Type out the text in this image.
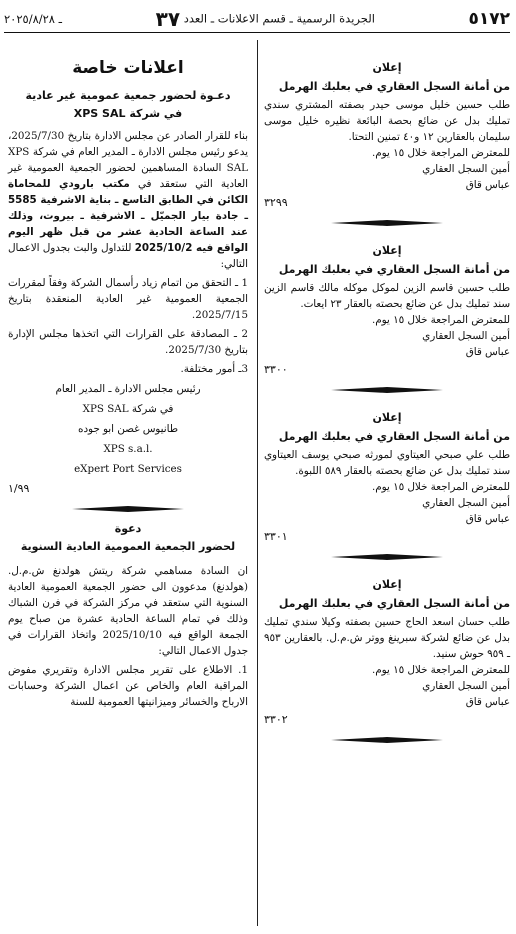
٥١٧٢
الجريدة الرسمية ـ قسم الاعلانات ـ العدد ٣٧
ـ ٢٠٢٥/٨/٢٨
إعلان
من أمانة السجل العقاري في بعلبك الهرمل

طلب حسين خليل موسى حيدر بصفته المشتري سندي تمليك بدل عن ضائع بحصة البائعة نظيره خليل موسى سليمان بالعقارين ١٢ و٤٠ تمنين التحتا.

للمعترض المراجعة خلال ١٥ يوم.

أمين السجل العقاري

عباس قاق

٣٢٩٩
إعلان
من أمانة السجل العقاري في بعلبك الهرمل

طلب حسين قاسم الزين لموكل موكله مالك قاسم الزين سند تمليك بدل عن ضائع بحصته بالعقار ٢٣ ايعات.

للمعترض المراجعة خلال ١٥ يوم.

أمين السجل العقاري

عباس قاق

٣٣٠٠
إعلان
من أمانة السجل العقاري في بعلبك الهرمل

طلب علي صبحي العيتاوي لمورثه صبحي يوسف العيتاوي سند تمليك بدل عن ضائع بحصته بالعقار ٥٨٩ اللبوة.

للمعترض المراجعة خلال ١٥ يوم.

أمين السجل العقاري

عباس قاق

٣٣٠١
إعلان
من أمانة السجل العقاري في بعلبك الهرمل

طلب حسان اسعد الحاج حسين بصفته وكيلا سندي تمليك بدل عن ضائع لشركة سبرينغ ووتر ش.م.ل. بالعقارين ٩٥٣ ـ ٩٥٩ حوش سنيد.

للمعترض المراجعة خلال ١٥ يوم.

أمين السجل العقاري

عباس قاق

٣٣٠٢
اعلانات خاصة
دعـوة لحضور جمعية عمومية غير عادية
في شركة XPS SAL

بناء للقرار الصادر عن مجلس الادارة بتاريخ 2025/7/30، يدعو رئيس مجلس الادارة ـ المدير العام في شركة XPS SAL السادة المساهمين لحضور الجمعية العمومية غير العادية التي ستعقد في مكتب بارودي للمحاماة الكائن في الطابق التاسع ـ بناية الاشرفية 5585 ـ جادة بيار الجميّل ـ الاشرفية ـ بيروت، وذلك عند الساعة الحادية عشر من قبل ظهر اليوم الواقع فيه 2025/10/2 للتداول والبت بجدول الاعمال التالي:

1 ـ التحقق من اتمام زياد رأسمال الشركة وفقاً لمقررات الجمعية العمومية غير العادية المنعقدة بتاريخ 2025/7/15.

2 ـ المصادقة على القرارات التي اتخذها مجلس الإدارة بتاريخ 2025/7/30.

3ـ أمور مختلفة.

رئيس مجلس الادارة ـ المدير العام
في شركة XPS SAL
طانيوس غصن ابو جوده
XPS s.a.l.
eXpert Port Services
١/٩٩
دعوة
لحضور الجمعية العمومية العادية السنوية

ان السادة مساهمي شركة ريتش هولدنغ ش.م.ل. (هولدنغ) مدعوون الى حضور الجمعية العمومية العادية السنوية التي ستعقد في مركز الشركة في فرن الشباك وذلك في تمام الساعة الحادية عشرة من صباح يوم الجمعة الواقع فيه 2025/10/10 واتخاذ القرارات في جدول الاعمال التالي:

1. الاطلاع على تقرير مجلس الادارة وتقريري مفوض المراقبة العام والخاص عن اعمال الشركة وحسابات الارباح والخسائر وميزانيتها العمومية للسنة
